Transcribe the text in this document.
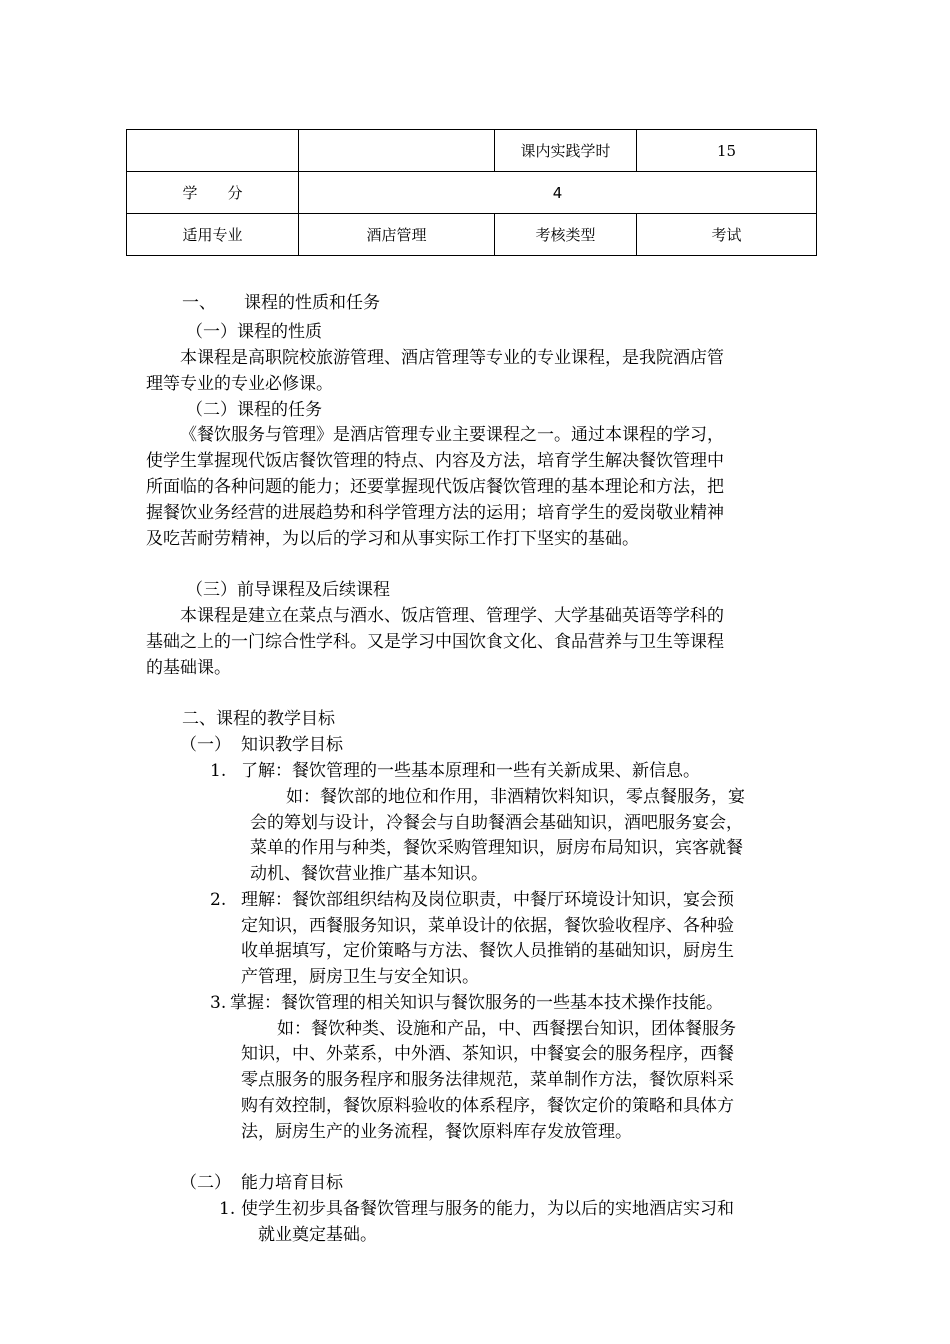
		课内实践学时	15
学　　分	4		
适用专业	酒店管理	考核类型	考试
一、 课程的性质和任务
（一）课程的性质
本课程是高职院校旅游管理、酒店管理等专业的专业课程，是我院酒店管
理等专业的专业必修课。
（二）课程的任务
《餐饮服务与管理》是酒店管理专业主要课程之一。通过本课程的学习，
使学生掌握现代饭店餐饮管理的特点、内容及方法，培育学生解决餐饮管理中
所面临的各种问题的能力；还要掌握现代饭店餐饮管理的基本理论和方法，把
握餐饮业务经营的进展趋势和科学管理方法的运用；培育学生的爱岗敬业精神
及吃苦耐劳精神，为以后的学习和从事实际工作打下坚实的基础。
（三）前导课程及后续课程
本课程是建立在菜点与酒水、饭店管理、管理学、大学基础英语等学科的
基础之上的一门综合性学科。又是学习中国饮食文化、食品营养与卫生等课程
的基础课。
二、课程的教学目标
（一） 知识教学目标
1. 了解：餐饮管理的一些基本原理和一些有关新成果、新信息。
如：餐饮部的地位和作用，非酒精饮料知识，零点餐服务，宴
会的筹划与设计，冷餐会与自助餐酒会基础知识，酒吧服务宴会，
菜单的作用与种类，餐饮采购管理知识，厨房布局知识，宾客就餐
动机、餐饮营业推广基本知识。
2. 理解：餐饮部组织结构及岗位职责，中餐厅环境设计知识，宴会预
定知识，西餐服务知识，菜单设计的依据，餐饮验收程序、各种验
收单据填写，定价策略与方法、餐饮人员推销的基础知识，厨房生
产管理，厨房卫生与安全知识。
3. 掌握：餐饮管理的相关知识与餐饮服务的一些基本技术操作技能。
如：餐饮种类、设施和产品，中、西餐摆台知识，团体餐服务
知识，中、外菜系，中外酒、茶知识，中餐宴会的服务程序，西餐
零点服务的服务程序和服务法律规范，菜单制作方法，餐饮原料采
购有效控制，餐饮原料验收的体系程序，餐饮定价的策略和具体方
法，厨房生产的业务流程，餐饮原料库存发放管理。
（二） 能力培育目标
1. 使学生初步具备餐饮管理与服务的能力，为以后的实地酒店实习和
就业奠定基础。
